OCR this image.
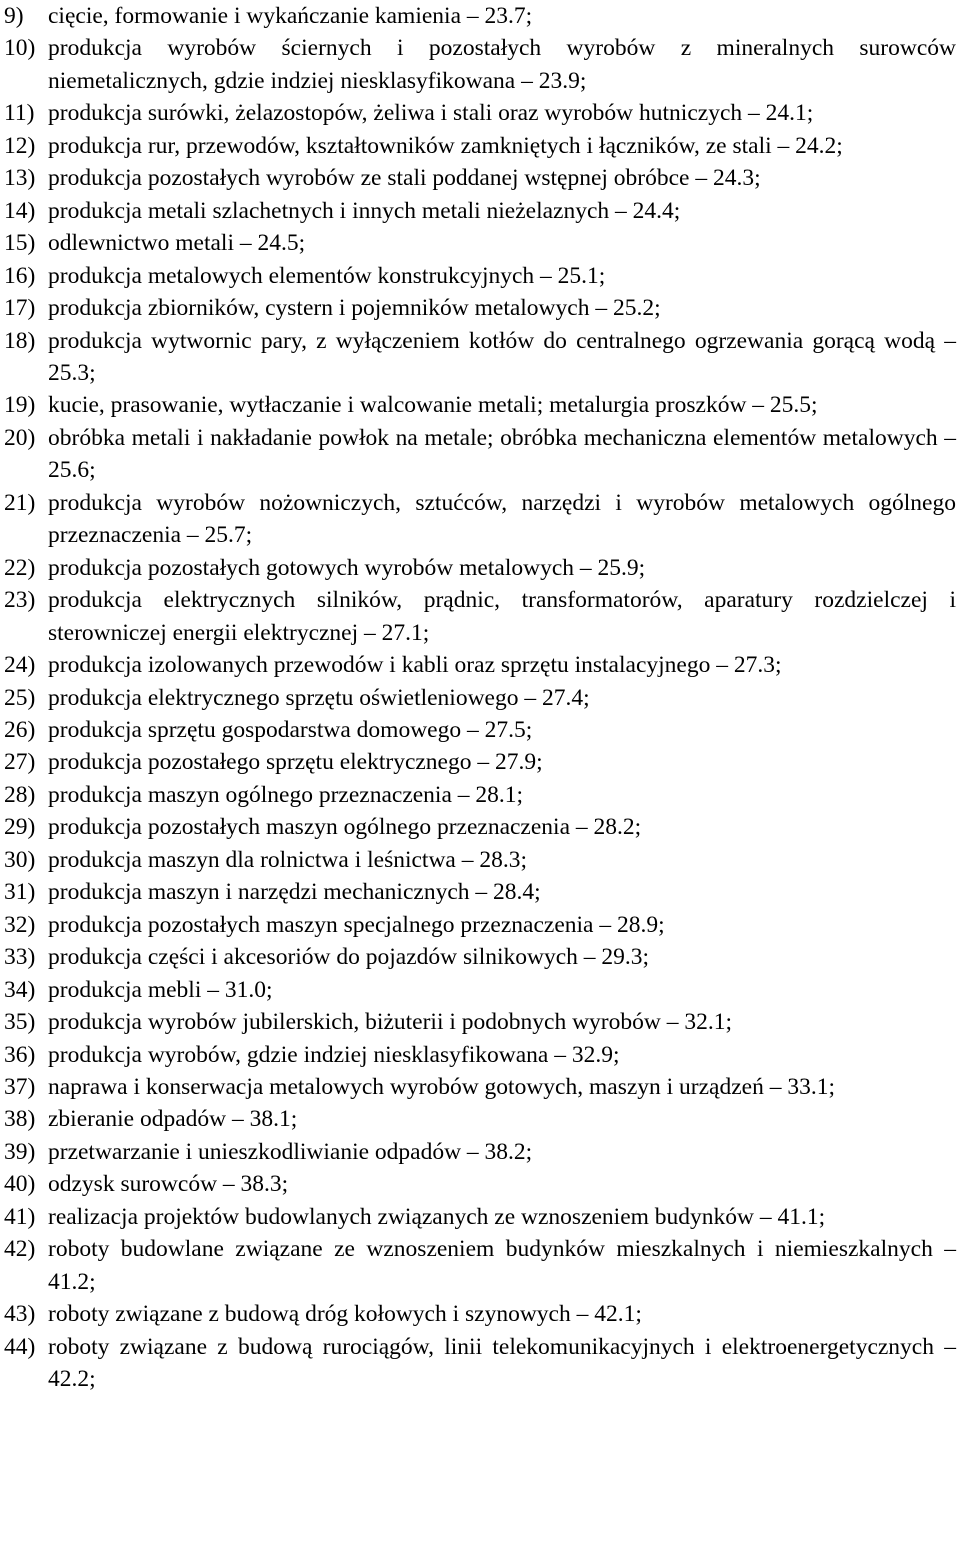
9)	cięcie, formowanie i wykańczanie kamienia – 23.7;
10) produkcja wyrobów ściernych i pozostałych wyrobów z mineralnych surowców niemetalicznych, gdzie indziej niesklasyfikowana – 23.9;
11) produkcja surówki, żelazostopów, żeliwa i stali oraz wyrobów hutniczych – 24.1;
12) produkcja rur, przewodów, kształtowników zamkniętych i łączników, ze stali – 24.2;
13) produkcja pozostałych wyrobów ze stali poddanej wstępnej obróbce – 24.3;
14) produkcja metali szlachetnych i innych metali nieżelaznych – 24.4;
15) odlewnictwo metali – 24.5;
16) produkcja metalowych elementów konstrukcyjnych – 25.1;
17) produkcja zbiorników, cystern i pojemników metalowych – 25.2;
18) produkcja wytwornic pary, z wyłączeniem kotłów do centralnego ogrzewania gorącą wodą – 25.3;
19) kucie, prasowanie, wytłaczanie i walcowanie metali; metalurgia proszków – 25.5;
20) obróbka metali i nakładanie powłok na metale; obróbka mechaniczna elementów metalowych – 25.6;
21) produkcja wyrobów nożowniczych, sztućców, narzędzi i wyrobów metalowych ogólnego przeznaczenia – 25.7;
22) produkcja pozostałych gotowych wyrobów metalowych – 25.9;
23) produkcja elektrycznych silników, prądnic, transformatorów, aparatury rozdzielczej i sterowniczej energii elektrycznej – 27.1;
24) produkcja izolowanych przewodów i kabli oraz sprzętu instalacyjnego – 27.3;
25) produkcja elektrycznego sprzętu oświetleniowego – 27.4;
26) produkcja sprzętu gospodarstwa domowego – 27.5;
27) produkcja pozostałego sprzętu elektrycznego – 27.9;
28) produkcja maszyn ogólnego przeznaczenia – 28.1;
29) produkcja pozostałych maszyn ogólnego przeznaczenia – 28.2;
30) produkcja maszyn dla rolnictwa i leśnictwa – 28.3;
31) produkcja maszyn i narzędzi mechanicznych – 28.4;
32) produkcja pozostałych maszyn specjalnego przeznaczenia – 28.9;
33) produkcja części i akcesoriów do pojazdów silnikowych – 29.3;
34) produkcja mebli – 31.0;
35) produkcja wyrobów jubilerskich, biżuterii i podobnych wyrobów – 32.1;
36) produkcja wyrobów, gdzie indziej niesklasyfikowana – 32.9;
37) naprawa i konserwacja metalowych wyrobów gotowych, maszyn i urządzeń – 33.1;
38) zbieranie odpadów – 38.1;
39) przetwarzanie i unieszkodliwianie odpadów – 38.2;
40) odzysk surowców – 38.3;
41) realizacja projektów budowlanych związanych ze wznoszeniem budynków – 41.1;
42) roboty budowlane związane ze wznoszeniem budynków mieszkalnych i niemieszkalnych – 41.2;
43) roboty związane z budową dróg kołowych i szynowych – 42.1;
44) roboty związane z budową rurociągów, linii telekomunikacyjnych i elektroenergetycznych – 42.2;
